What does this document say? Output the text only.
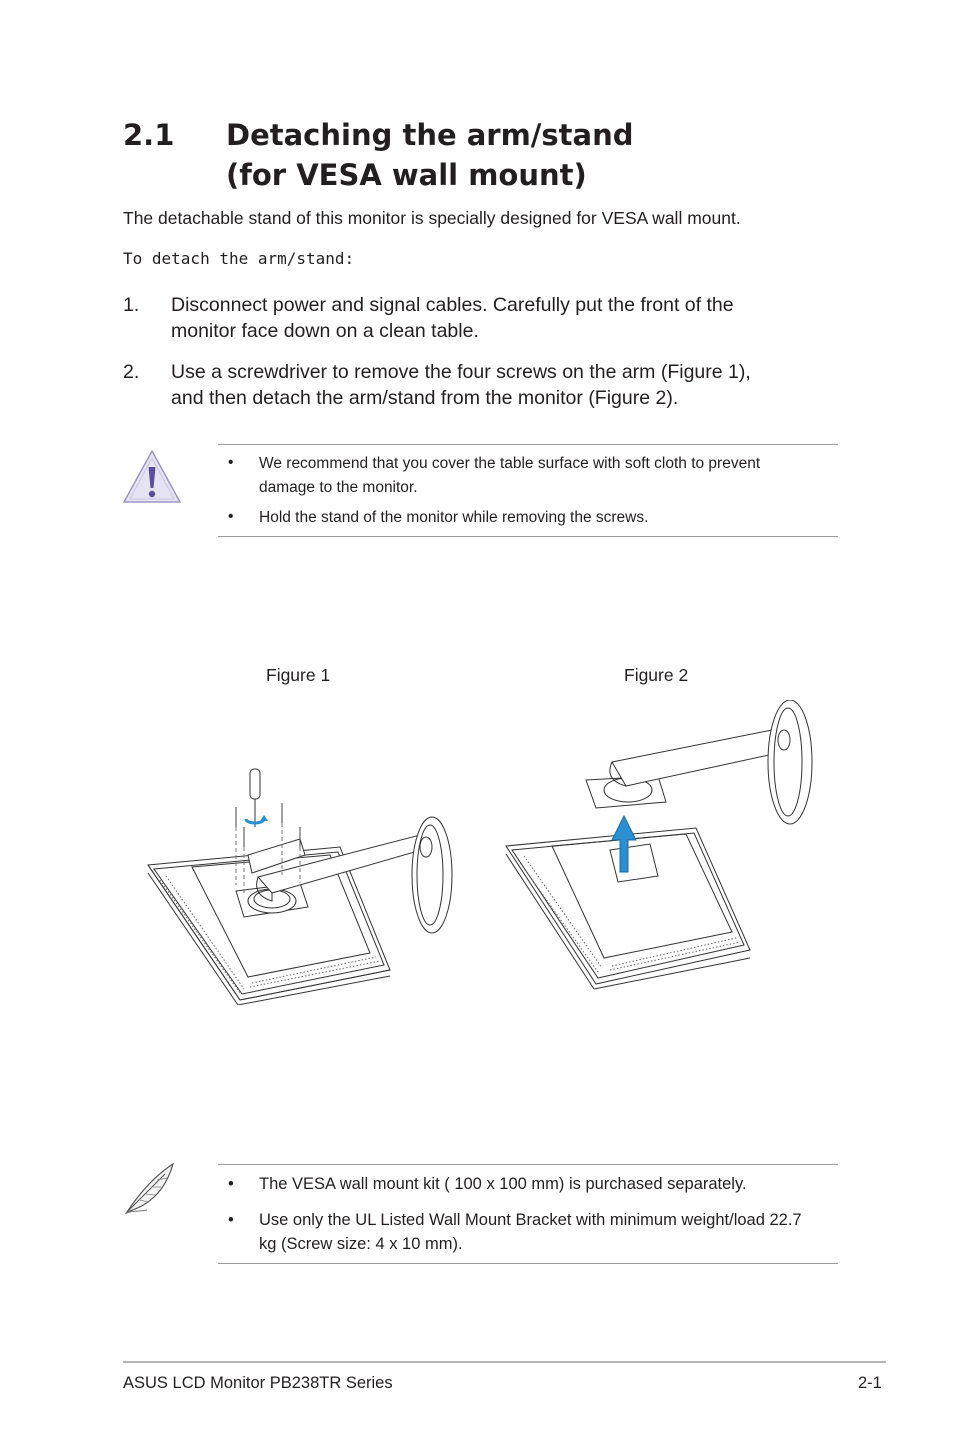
2.1 Detaching the arm/stand
(for VESA wall mount)
The detachable stand of this monitor is specially designed for VESA wall mount.
To detach the arm/stand:
1. Disconnect power and signal cables. Carefully put the front of the
monitor face down on a clean table.
2. Use a screwdriver to remove the four screws on the arm (Figure 1),
and then detach the arm/stand from the monitor (Figure 2).
• We recommend that you cover the table surface with soft cloth to prevent
damage to the monitor.
• Hold the stand of the monitor while removing the screws.
Figure 1	Figure 2
• The VESA wall mount kit ( 100 x 100 mm) is purchased separately.
• Use only the UL Listed Wall Mount Bracket with minimum weight/load 22.7
kg (Screw size: 4 x 10 mm).
ASUS LCD Monitor PB238TR Series	2-1
